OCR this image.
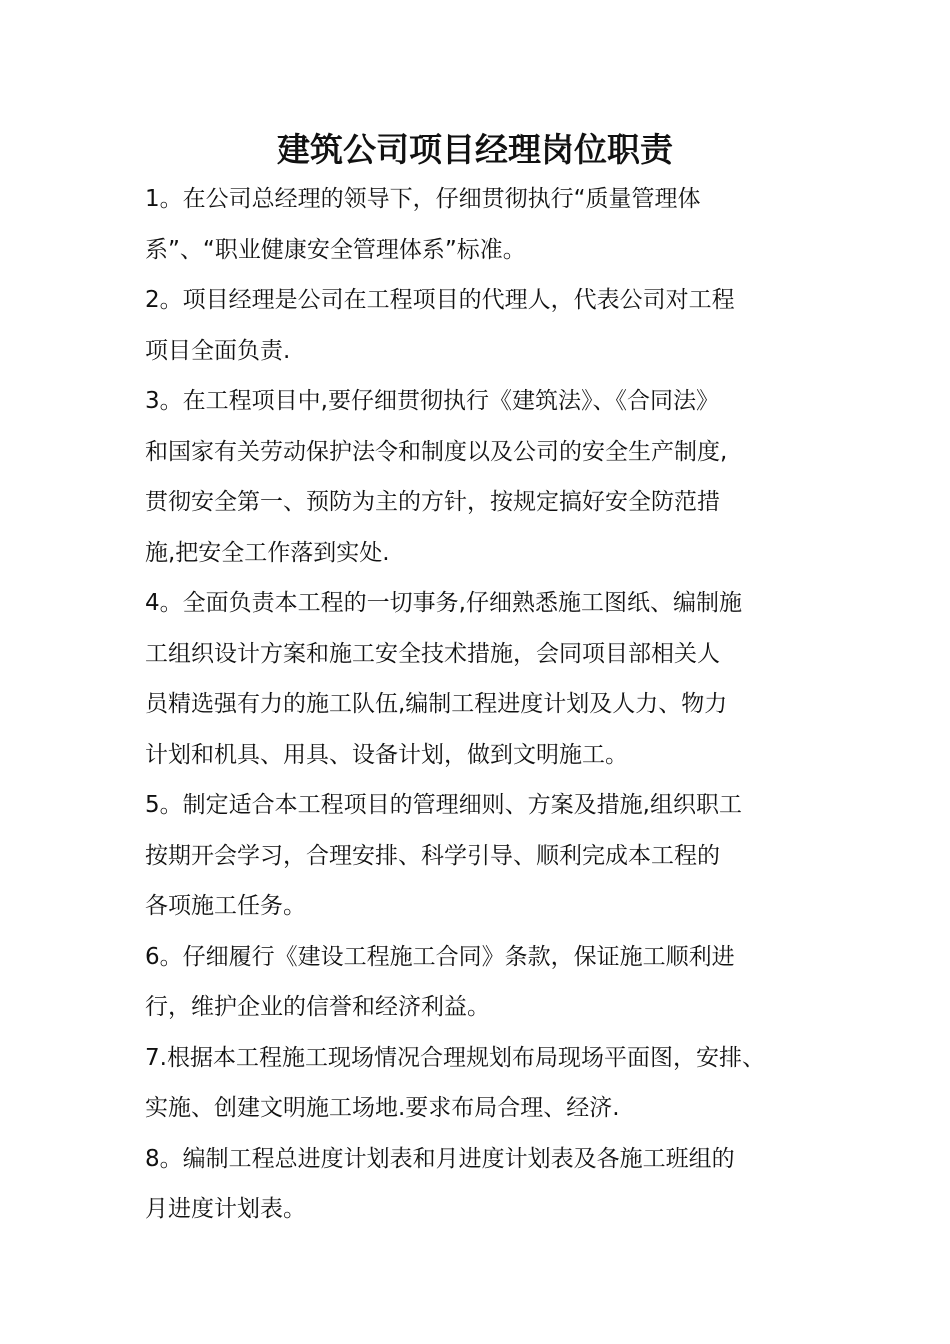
建筑公司项目经理岗位职责

1。在公司总经理的领导下，仔细贯彻执行“质量管理体
系”、“职业健康安全管理体系”标准。

2。项目经理是公司在工程项目的代理人，代表公司对工程
项目全面负责.

3。在工程项目中,要仔细贯彻执行《建筑法》、《合同法》
和国家有关劳动保护法令和制度以及公司的安全生产制度,
贯彻安全第一、预防为主的方针，按规定搞好安全防范措
施,把安全工作落到实处.

4。全面负责本工程的一切事务,仔细熟悉施工图纸、编制施
工组织设计方案和施工安全技术措施，会同项目部相关人
员精选强有力的施工队伍,编制工程进度计划及人力、物力
计划和机具、用具、设备计划，做到文明施工。

5。制定适合本工程项目的管理细则、方案及措施,组织职工
按期开会学习，合理安排、科学引导、顺利完成本工程的
各项施工任务。

6。仔细履行《建设工程施工合同》条款，保证施工顺利进
行，维护企业的信誉和经济利益。

7.根据本工程施工现场情况合理规划布局现场平面图，安排、
实施、创建文明施工场地.要求布局合理、经济.

8。编制工程总进度计划表和月进度计划表及各施工班组的
月进度计划表。
